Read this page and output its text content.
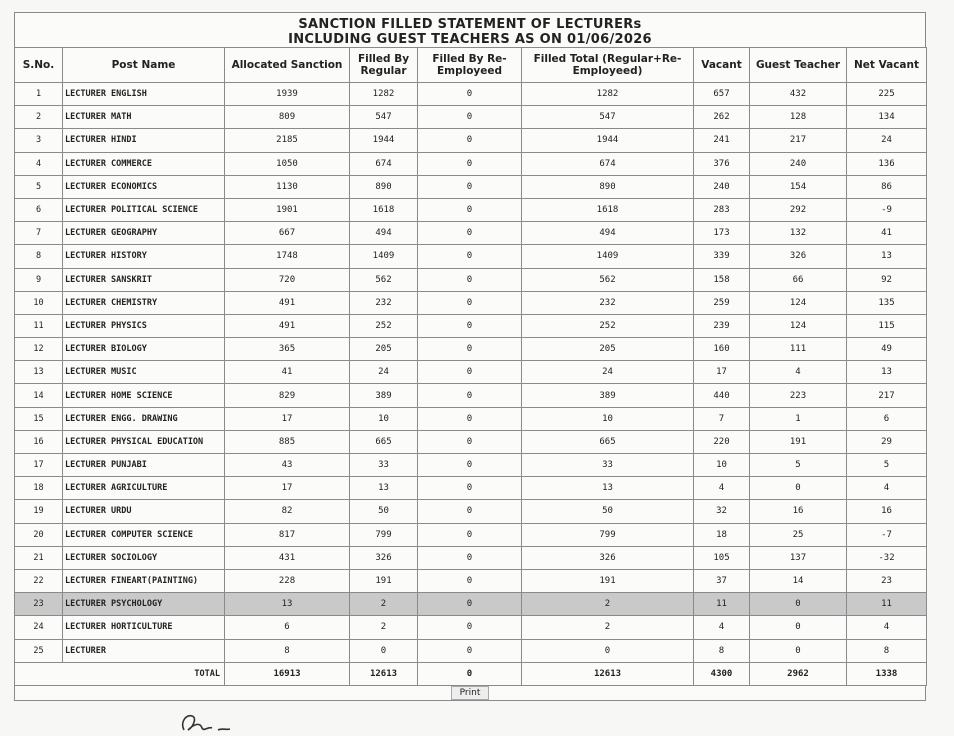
SANCTION FILLED STATEMENT OF LECTURERs
INCLUDING GUEST TEACHERS AS ON 01/06/2026
S.No.	Post Name	Allocated Sanction	Filled By Regular	Filled By Re-Employeed	Filled Total (Regular+Re-Employeed)	Vacant	Guest Teacher	Net Vacant
1	LECTURER ENGLISH	1939	1282	0	1282	657	432	225
2	LECTURER MATH	809	547	0	547	262	128	134
3	LECTURER HINDI	2185	1944	0	1944	241	217	24
4	LECTURER COMMERCE	1050	674	0	674	376	240	136
5	LECTURER ECONOMICS	1130	890	0	890	240	154	86
6	LECTURER POLITICAL SCIENCE	1901	1618	0	1618	283	292	-9
7	LECTURER GEOGRAPHY	667	494	0	494	173	132	41
8	LECTURER HISTORY	1748	1409	0	1409	339	326	13
9	LECTURER SANSKRIT	720	562	0	562	158	66	92
10	LECTURER CHEMISTRY	491	232	0	232	259	124	135
11	LECTURER PHYSICS	491	252	0	252	239	124	115
12	LECTURER BIOLOGY	365	205	0	205	160	111	49
13	LECTURER MUSIC	41	24	0	24	17	4	13
14	LECTURER HOME SCIENCE	829	389	0	389	440	223	217
15	LECTURER ENGG. DRAWING	17	10	0	10	7	1	6
16	LECTURER PHYSICAL EDUCATION	885	665	0	665	220	191	29
17	LECTURER PUNJABI	43	33	0	33	10	5	5
18	LECTURER AGRICULTURE	17	13	0	13	4	0	4
19	LECTURER URDU	82	50	0	50	32	16	16
20	LECTURER COMPUTER SCIENCE	817	799	0	799	18	25	-7
21	LECTURER SOCIOLOGY	431	326	0	326	105	137	-32
22	LECTURER FINEART(PAINTING)	228	191	0	191	37	14	23
23	LECTURER PSYCHOLOGY	13	2	0	2	11	0	11
24	LECTURER HORTICULTURE	6	2	0	2	4	0	4
25	LECTURER	8	0	0	0	8	0	8
TOTAL		16913	12613	0	12613	4300	2962	1338
Print
